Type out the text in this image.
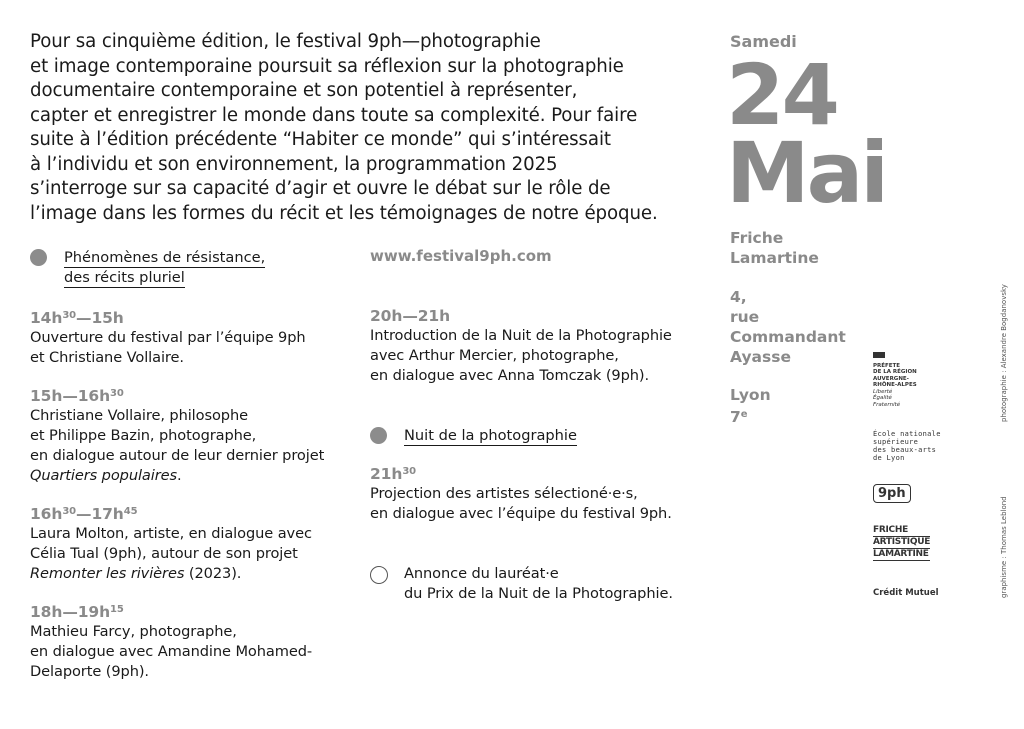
Pour sa cinquième édition, le festival 9ph—photographie
et image contemporaine poursuit sa réflexion sur la photographie
documentaire contemporaine et son potentiel à représenter,
capter et enregistrer le monde dans toute sa complexité. Pour faire
suite à l’édition précédente “Habiter ce monde” qui s’intéressait
à l’individu et son environnement, la programmation 2025
s’interroge sur sa capacité d’agir et ouvre le débat sur le rôle de
l’image dans les formes du récit et les témoignages de notre époque.

Phénomènes de résistance,
des récits pluriel
$14h^{30}—15h$
Ouverture du festival par l’équipe 9ph
et Christiane Vollaire.
$15h—16h^{30}$
Christiane Vollaire, philosophe
et Philippe Bazin, photographe,
en dialogue autour de leur dernier projet
Quartiers populaires.
$16h^{30}—17h^{45}$
Laura Molton, artiste, en dialogue avec
Célia Tual (9ph), autour de son projet
Remonter les rivières (2023).
$18h—19h^{15}$
Mathieu Farcy, photographe,
en dialogue avec Amandine Mohamed-
Delaporte (9ph).
www.festival9ph.com
20h—21h
Introduction de la Nuit de la Photographie
avec Arthur Mercier, photographe,
en dialogue avec Anna Tomczak (9ph).
Nuit de la photographie
$21h^{30}$
Projection des artistes sélectioné·e·s,
en dialogue avec l’équipe du festival 9ph.
Annonce du lauréat·e
du Prix de la Nuit de la Photographie.
Samedi
24
Mai
Friche
Lamartine
4,
rue
Commandant
Ayasse
Lyon
7e

PRÉFETE
DE LA RÉGION
AUVERGNE-
RHÔNE-ALPES
Liberté
Égalité
Fraternité
École nationale
supérieure
des beaux-arts
de Lyon
9ph
FRICHE
ARTISTIQUE
LAMARTINE
Crédit Mutuel
photographie : Alexandre Bogdanovsky
graphisme : Thomas Leblond
